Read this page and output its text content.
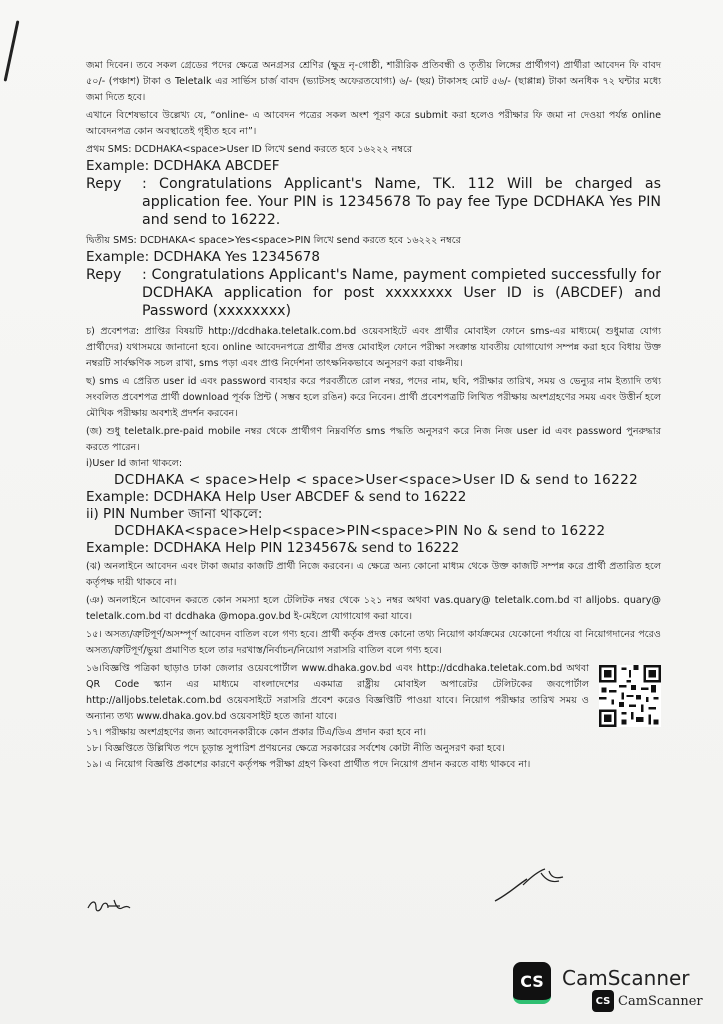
জমা দিবেন। তবে সকল গ্রেডের পদের ক্ষেত্রে অনগ্রসর শ্রেণির (ক্ষুদ্র নৃ-গোষ্ঠী, শারীরিক প্রতিবন্ধী ও তৃতীয় লিঙ্গের প্রার্থীগণ) প্রার্থীরা আবেদন ফি বাবদ ৫০/- (পঞ্চাশ) টাকা ও Teletalk এর সার্ভিস চার্জ বাবদ (ভ্যাটসহ অফেরতযোগ্য) ৬/- (ছয়) টাকাসহ মোট ৫৬/- (ছাপ্পান্ন) টাকা অনধিক ৭২ ঘন্টার মধ্যে জমা দিতে হবে।

এখানে বিশেষভাবে উল্লেখ্য যে, “online- এ আবেদন পত্রের সকল অংশ পূরণ করে submit করা হলেও পরীক্ষার ফি জমা না দেওয়া পর্যন্ত online আবেদনপত্র কোন অবস্থাতেই গৃহীত হবে না”।

প্রথম SMS: DCDHAKA<space>User ID লিখে send করতে হবে ১৬২২২ নম্বরে

Example: DCDHAKA ABCDEF

Repy	: Congratulations Applicant's Name, TK. 112 Will be charged as application fee. Your PIN is 12345678 To pay fee Type DCDHAKA Yes PIN and send to 16222.

দ্বিতীয় SMS: DCDHAKA< space>Yes<space>PIN লিখে send করতে হবে ১৬২২২ নম্বরে

Example: DCDHAKA Yes 12345678

Repy	: Congratulations Applicant's Name, payment compieted successfully for DCDHAKA application for post xxxxxxxx User ID is (ABCDEF) and Password (xxxxxxxx)

চ) প্রবেশপত্র: প্রাপ্তির বিষয়টি http://dcdhaka.teletalk.com.bd ওয়েবসাইটে এবং প্রার্থীর মোবাইল ফোনে sms-এর মাধ্যমে( শুধুমাত্র যোগ্য প্রার্থীদের) যথাসময়ে জানানো হবে। online আবেদনপত্রে প্রার্থীর প্রদত্ত মোবাইল ফোনে পরীক্ষা সংক্রান্ত যাবতীয় যোগাযোগ সম্পন্ন করা হবে বিধায় উক্ত নম্বরটি সার্বক্ষণিক সচল রাখা, sms পড়া এবং প্রাপ্ত নির্দেশনা তাৎক্ষনিকভাবে অনুসরণ করা বাঞ্চনীয়।

ছ) sms এ প্রেরিত user id এবং password ব্যবহার করে পরবর্তীতে রোল নম্বর, পদের নাম, ছবি, পরীক্ষার তারিখ, সময় ও ভেন্যুর নাম ইত্যাদি তথ্য সংবলিত প্রবেশপত্র প্রার্থী download পূর্বক প্রিন্ট ( সম্ভব হলে রঙিন) করে নিবেন। প্রার্থী প্রবেশপত্রটি লিখিত পরীক্ষায় অংশগ্রহণের সময় এবং উত্তীর্ন হলে মৌখিক পরীক্ষায় অবশ্যই প্রদর্শন করবেন।

(জ) শুধু teletalk.pre-paid mobile নম্বর থেকে প্রার্থীগণ নিম্নবর্ণিত sms পদ্ধতি অনুসরণ করে নিজ নিজ user id এবং password পুনরুদ্ধার করতে পারেন।

i)User Id জানা থাকলে:

DCDHAKA < space>Help < space>User<space>User ID & send to 16222

Example: DCDHAKA Help User ABCDEF & send to 16222

ii) PIN Number জানা থাকলে:

DCDHAKA<space>Help<space>PIN<space>PIN No & send to 16222

Example: DCDHAKA Help PIN 1234567& send to 16222

(ঝ) অনলাইনে আবেদন এবং টাকা জমার কাজটি প্রার্থী নিজে করবেন। এ ক্ষেত্রে অন্য কোনো মাধ্যম থেকে উক্ত কাজটি সম্পন্ন করে প্রার্থী প্রতারিত হলে কর্তৃপক্ষ দায়ী থাকবে না।

(ঞ) অনলাইনে আবেদন করতে কোন সমস্যা হলে টেলিটক নম্বর থেকে ১২১ নম্বর অথবা vas.quary@ teletalk.com.bd বা alljobs. quary@ teletalk.com.bd বা dcdhaka @mopa.gov.bd ই-মেইলে যোগাযোগ করা যাবে।

১৫। অসত্য/ত্রুটিপূর্ণ/অসম্পূর্ণ আবেদন বাতিল বলে গণ্য হবে। প্রার্থী কর্তৃক প্রদত্ত কোনো তথ্য নিয়োগ কার্যক্রমের যেকোনো পর্যায়ে বা নিয়োগদানের পরেও অসত্য/ত্রুটিপূর্ণ/ভুয়া প্রমাণিত হলে তার দরখাস্ত/নির্বাচন/নিয়োগ সরাসরি বাতিল বলে গণ্য হবে।

১৬।বিজ্ঞপ্তি পত্রিকা ছাড়াও ঢাকা জেলার ওয়েবপোর্টাল www.dhaka.gov.bd এবং http://dcdhaka.teletak.com.bd অথবা QR Code স্ক্যান এর মাধ্যমে বাংলাদেশের একমাত্র রাষ্ট্রীয় মোবাইল অপারেটর টেলিটকের জবপোর্টাল http://alljobs.teletak.com.bd ওয়েবসাইটে সরাসরি প্রবেশ করেও বিজ্ঞপ্তিটি পাওয়া যাবে। নিয়োগ পরীক্ষার তারিখ সময় ও অন্যান্য তথ্য www.dhaka.gov.bd ওয়েবসাইট হতে জানা যাবে।

১৭। পরীক্ষায় অংশগ্রহণের জন্য আবেদনকারীকে কোন প্রকার টিএ/ডিএ প্রদান করা হবে না।

১৮। বিজ্ঞপ্তিতে উল্লিখিত পদে চূড়ান্ত সুপারিশ প্রণয়নের ক্ষেত্রে সরকারের সর্বশেষ কোটা নীতি অনুসরণ করা হবে।

১৯। এ নিয়োগ বিজ্ঞপ্তি প্রকাশের কারণে কর্তৃপক্ষ পরীক্ষা গ্রহণ কিংবা প্রার্থীত পদে নিয়োগ প্রদান করতে বাধ্য থাকবে না।

CS CamScanner
CS CamScanner
